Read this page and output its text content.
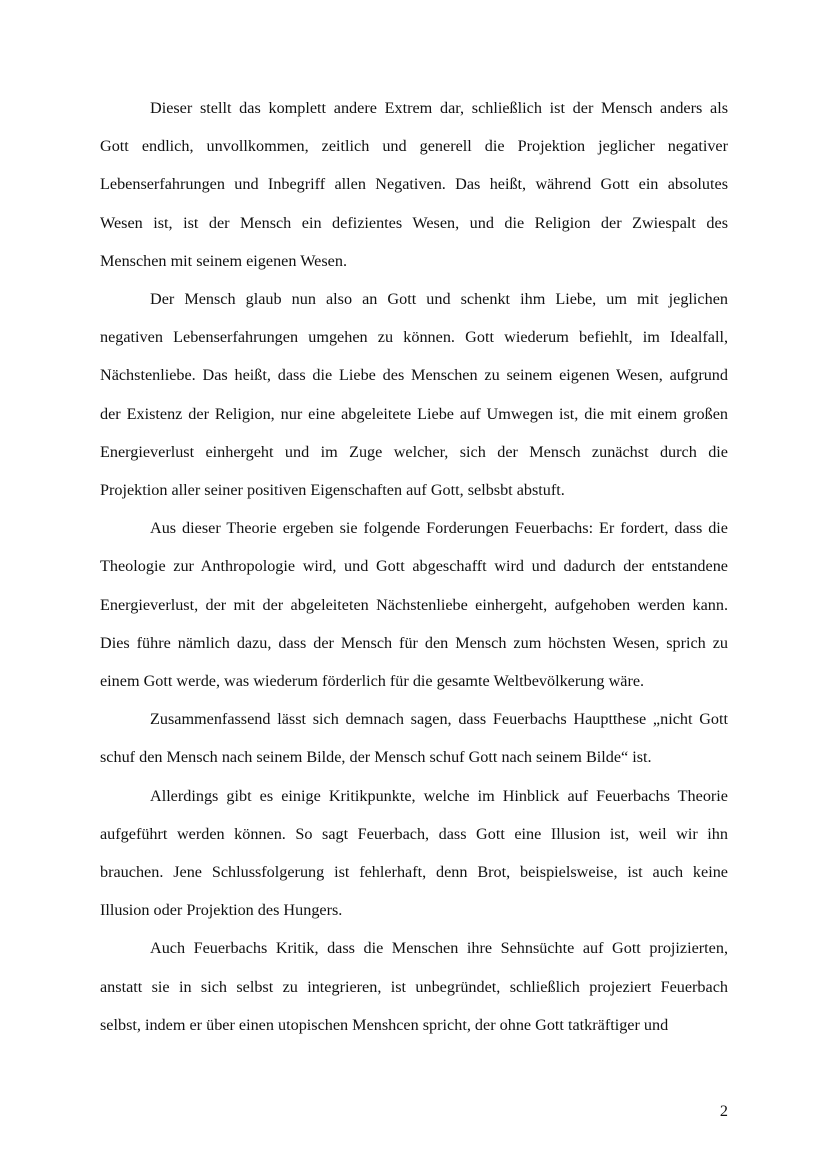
Dieser stellt das komplett andere Extrem dar, schließlich ist der Mensch anders als
Gott endlich, unvollkommen, zeitlich und generell die Projektion jeglicher negativer
Lebenserfahrungen und Inbegriff allen Negativen. Das heißt, während Gott ein absolutes
Wesen ist, ist der Mensch ein defizientes Wesen, und die Religion der Zwiespalt des
Menschen mit seinem eigenen Wesen.
Der Mensch glaub nun also an Gott und schenkt ihm Liebe, um mit jeglichen
negativen Lebenserfahrungen umgehen zu können. Gott wiederum befiehlt, im Idealfall,
Nächstenliebe. Das heißt, dass die Liebe des Menschen zu seinem eigenen Wesen, aufgrund
der Existenz der Religion, nur eine abgeleitete Liebe auf Umwegen ist, die mit einem großen
Energieverlust einhergeht und im Zuge welcher, sich der Mensch zunächst durch die
Projektion aller seiner positiven Eigenschaften auf Gott, selbsbt abstuft.
Aus dieser Theorie ergeben sie folgende Forderungen Feuerbachs: Er fordert, dass die
Theologie zur Anthropologie wird, und Gott abgeschafft wird und dadurch der entstandene
Energieverlust, der mit der abgeleiteten Nächstenliebe einhergeht, aufgehoben werden kann.
Dies führe nämlich dazu, dass der Mensch für den Mensch zum höchsten Wesen, sprich zu
einem Gott werde, was wiederum förderlich für die gesamte Weltbevölkerung wäre.
Zusammenfassend lässt sich demnach sagen, dass Feuerbachs Hauptthese „nicht Gott
schuf den Mensch nach seinem Bilde, der Mensch schuf Gott nach seinem Bilde“ ist.
Allerdings gibt es einige Kritikpunkte, welche im Hinblick auf Feuerbachs Theorie
aufgeführt werden können. So sagt Feuerbach, dass Gott eine Illusion ist, weil wir ihn
brauchen. Jene Schlussfolgerung ist fehlerhaft, denn Brot, beispielsweise, ist auch keine
Illusion oder Projektion des Hungers.
Auch Feuerbachs Kritik, dass die Menschen ihre Sehnsüchte auf Gott projizierten,
anstatt sie in sich selbst zu integrieren, ist unbegründet, schließlich projeziert Feuerbach
selbst, indem er über einen utopischen Menshcen spricht, der ohne Gott tatkräftiger und
2
